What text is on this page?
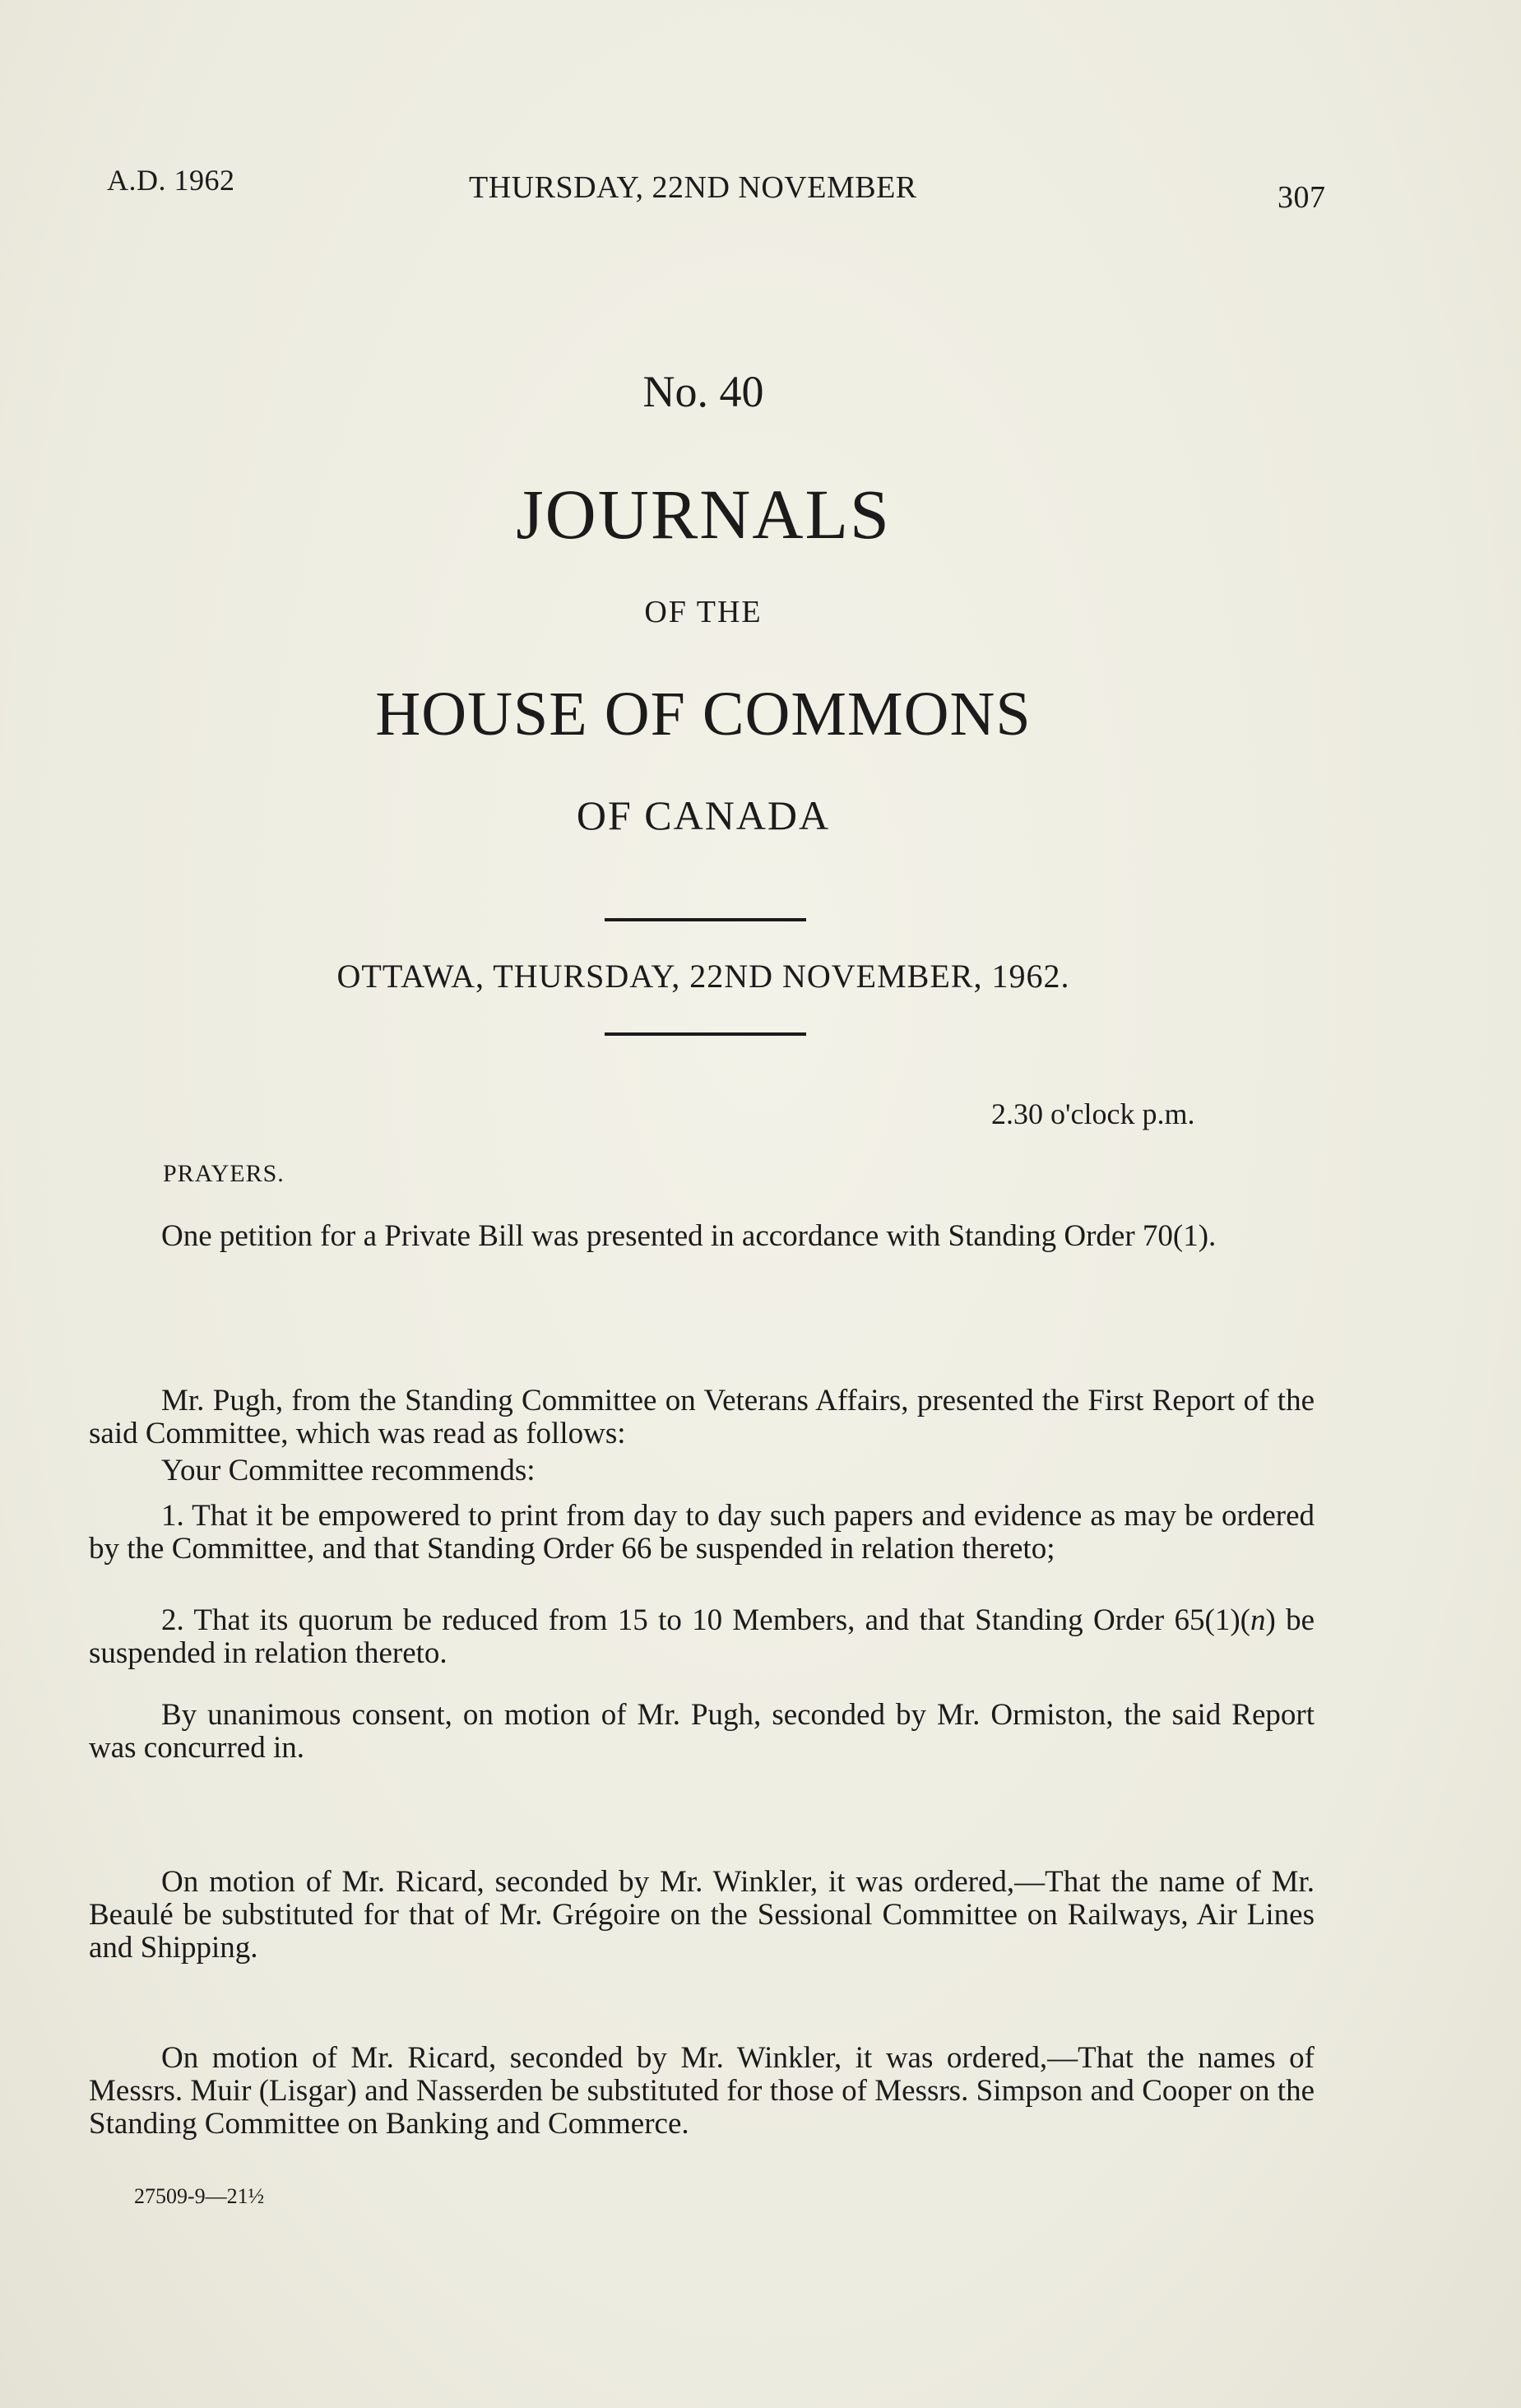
A.D. 1962	THURSDAY, 22ND NOVEMBER	307
No. 40
JOURNALS
OF THE
HOUSE OF COMMONS
OF CANADA
OTTAWA, THURSDAY, 22ND NOVEMBER, 1962.
2.30 o'clock p.m.
PRAYERS.

One petition for a Private Bill was presented in accordance with Standing Order 70(1).

Mr. Pugh, from the Standing Committee on Veterans Affairs, presented the First Report of the said Committee, which was read as follows:

Your Committee recommends:

1. That it be empowered to print from day to day such papers and evidence as may be ordered by the Committee, and that Standing Order 66 be suspended in relation thereto;

2. That its quorum be reduced from 15 to 10 Members, and that Standing Order 65(1)(n) be suspended in relation thereto.

By unanimous consent, on motion of Mr. Pugh, seconded by Mr. Ormiston, the said Report was concurred in.

On motion of Mr. Ricard, seconded by Mr. Winkler, it was ordered,—That the name of Mr. Beaulé be substituted for that of Mr. Grégoire on the Sessional Committee on Railways, Air Lines and Shipping.

On motion of Mr. Ricard, seconded by Mr. Winkler, it was ordered,—That the names of Messrs. Muir (Lisgar) and Nasserden be substituted for those of Messrs. Simpson and Cooper on the Standing Committee on Banking and Commerce.

27509-9—21½
